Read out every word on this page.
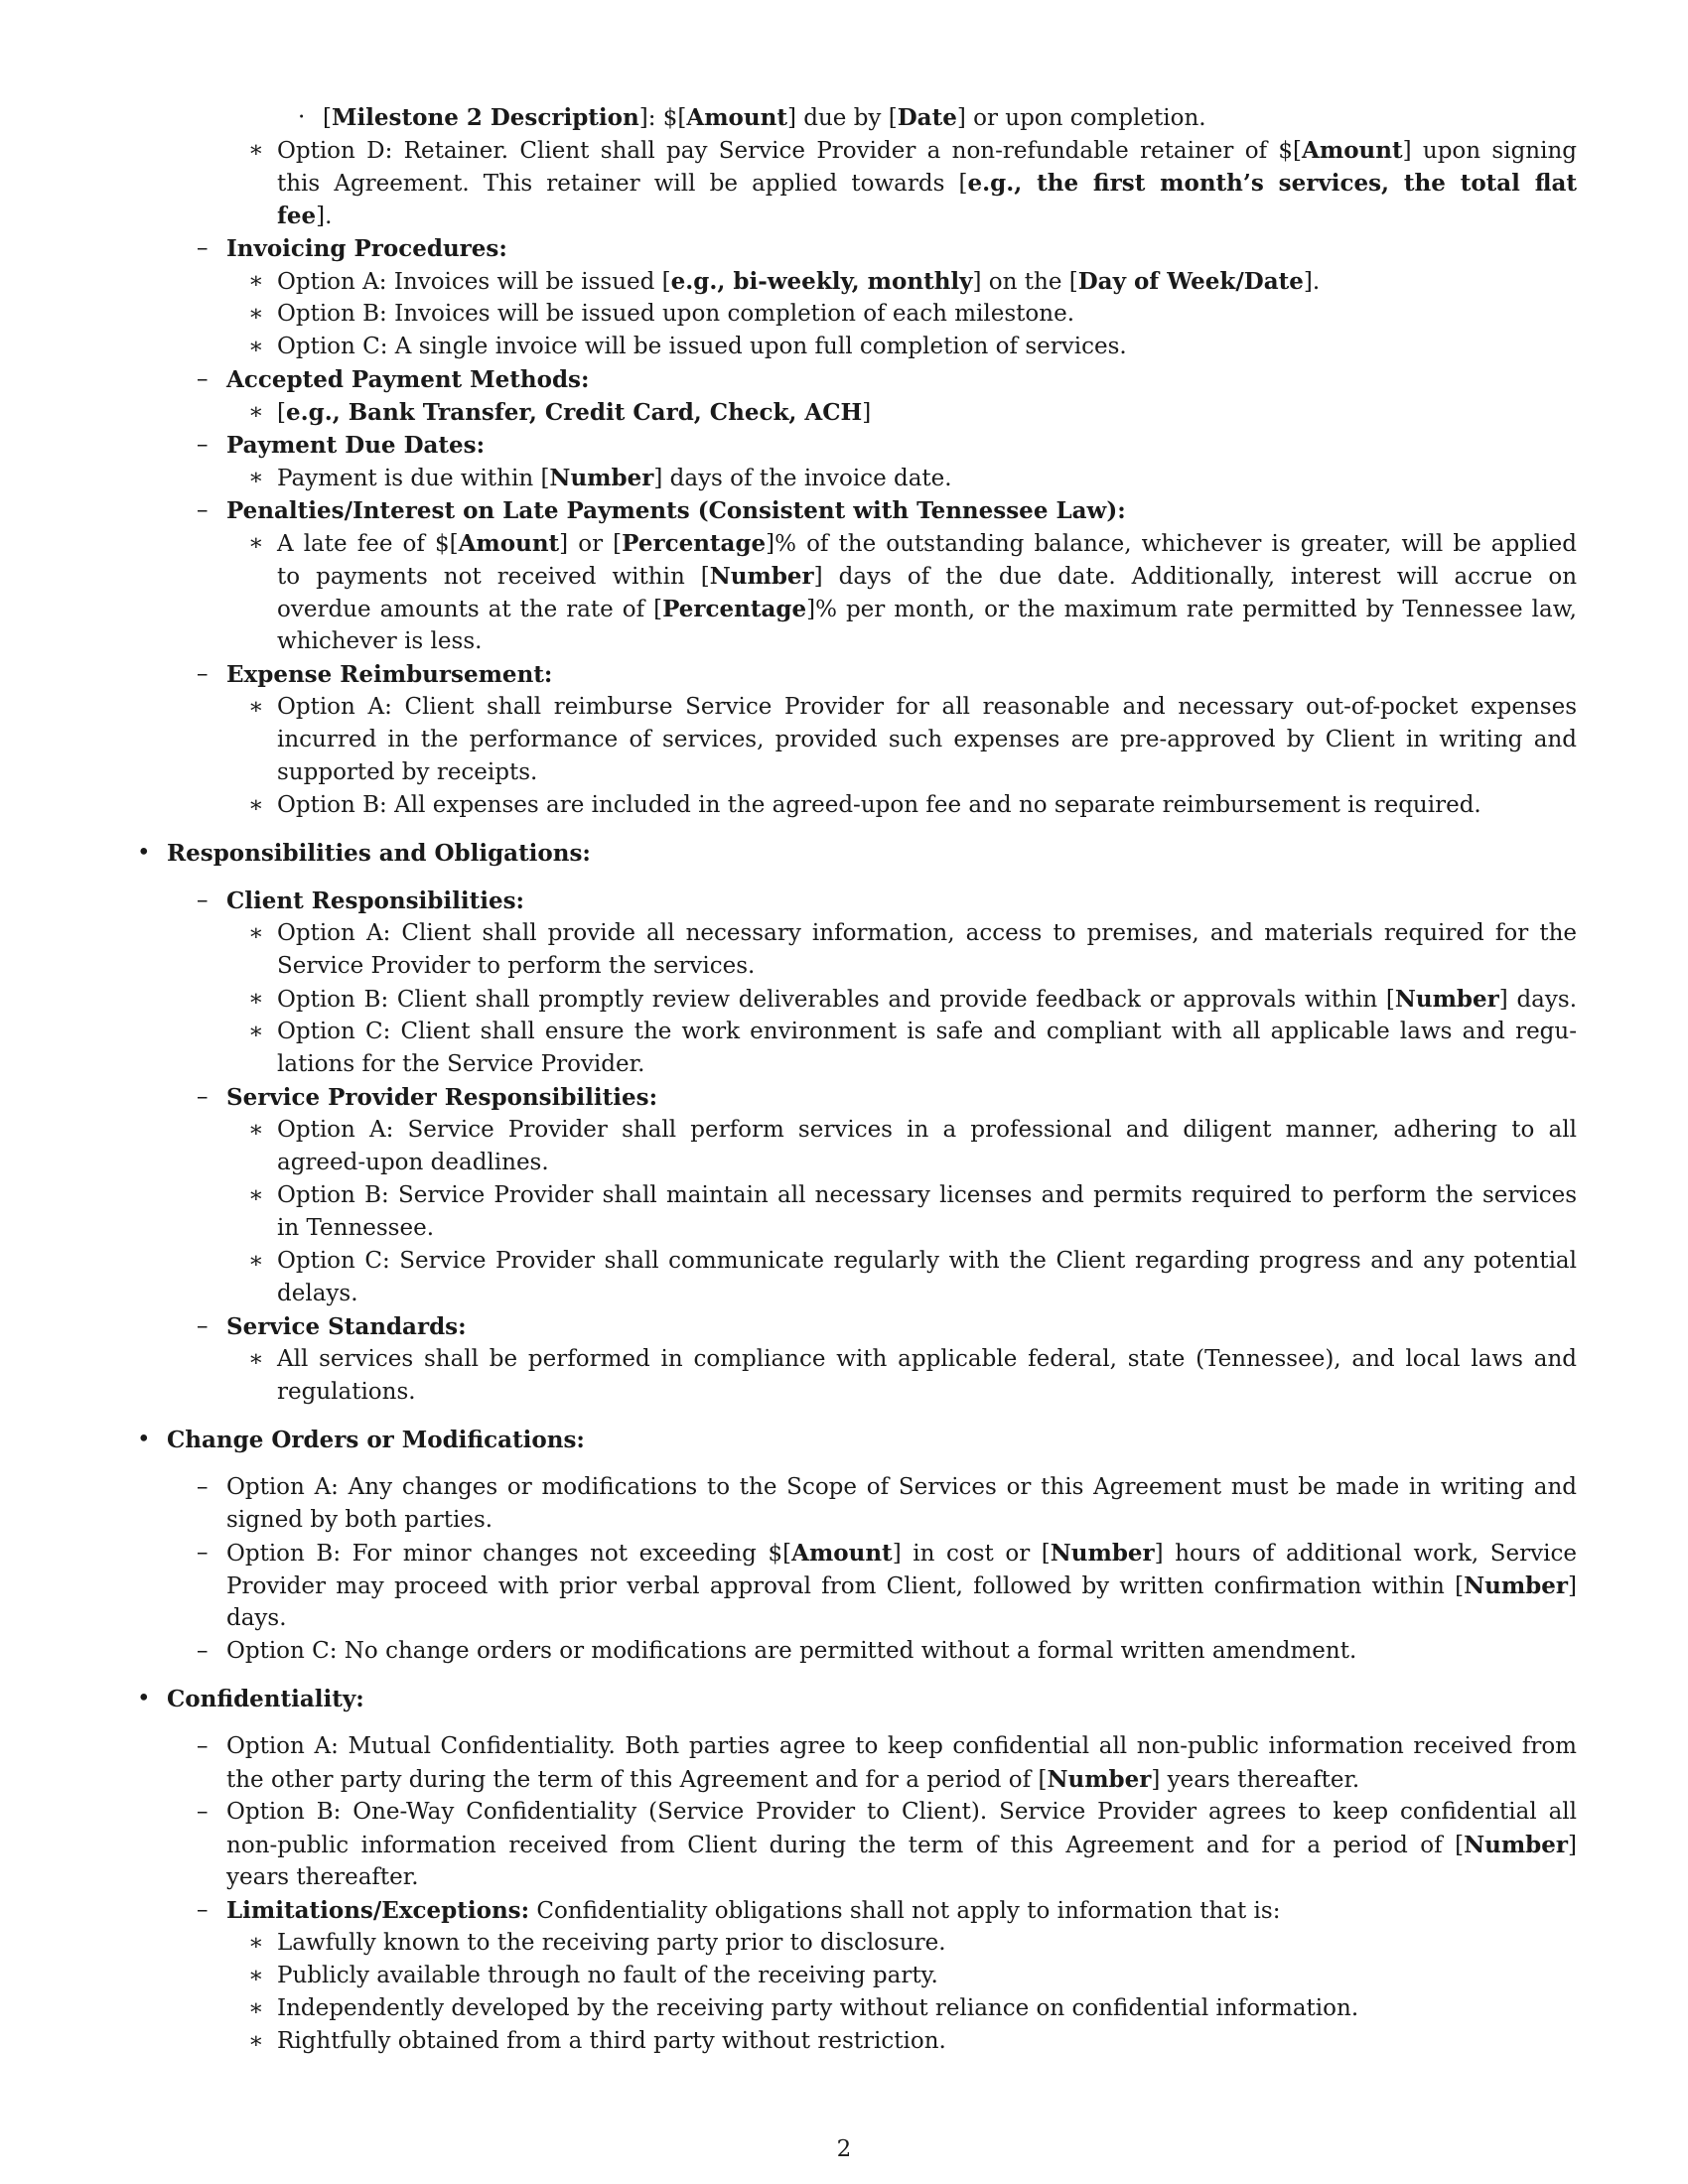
· [Milestone 2 Description]: $[Amount] due by [Date] or upon completion.
∗ Option D: Retainer. Client shall pay Service Provider a non-refundable retainer of $[Amount] upon signing
this Agreement. This retainer will be applied towards [e.g., the first month’s services, the total flat
fee].
– Invoicing Procedures:
∗ Option A: Invoices will be issued [e.g., bi-weekly, monthly] on the [Day of Week/Date].
∗ Option B: Invoices will be issued upon completion of each milestone.
∗ Option C: A single invoice will be issued upon full completion of services.
– Accepted Payment Methods:
∗ [e.g., Bank Transfer, Credit Card, Check, ACH]
– Payment Due Dates:
∗ Payment is due within [Number] days of the invoice date.
– Penalties/Interest on Late Payments (Consistent with Tennessee Law):
∗ A late fee of $[Amount] or [Percentage]% of the outstanding balance, whichever is greater, will be applied
to payments not received within [Number] days of the due date. Additionally, interest will accrue on
overdue amounts at the rate of [Percentage]% per month, or the maximum rate permitted by Tennessee law,
whichever is less.
– Expense Reimbursement:
∗ Option A: Client shall reimburse Service Provider for all reasonable and necessary out-of-pocket expenses
incurred in the performance of services, provided such expenses are pre-approved by Client in writing and
supported by receipts.
∗ Option B: All expenses are included in the agreed-upon fee and no separate reimbursement is required.
• Responsibilities and Obligations:
– Client Responsibilities:
∗ Option A: Client shall provide all necessary information, access to premises, and materials required for the
Service Provider to perform the services.
∗ Option B: Client shall promptly review deliverables and provide feedback or approvals within [Number] days.
∗ Option C: Client shall ensure the work environment is safe and compliant with all applicable laws and regu-
lations for the Service Provider.
– Service Provider Responsibilities:
∗ Option A: Service Provider shall perform services in a professional and diligent manner, adhering to all
agreed-upon deadlines.
∗ Option B: Service Provider shall maintain all necessary licenses and permits required to perform the services
in Tennessee.
∗ Option C: Service Provider shall communicate regularly with the Client regarding progress and any potential
delays.
– Service Standards:
∗ All services shall be performed in compliance with applicable federal, state (Tennessee), and local laws and
regulations.
• Change Orders or Modifications:
– Option A: Any changes or modifications to the Scope of Services or this Agreement must be made in writing and
signed by both parties.
– Option B: For minor changes not exceeding $[Amount] in cost or [Number] hours of additional work, Service
Provider may proceed with prior verbal approval from Client, followed by written confirmation within [Number]
days.
– Option C: No change orders or modifications are permitted without a formal written amendment.
• Confidentiality:
– Option A: Mutual Confidentiality. Both parties agree to keep confidential all non-public information received from
the other party during the term of this Agreement and for a period of [Number] years thereafter.
– Option B: One-Way Confidentiality (Service Provider to Client). Service Provider agrees to keep confidential all
non-public information received from Client during the term of this Agreement and for a period of [Number]
years thereafter.
– Limitations/Exceptions: Confidentiality obligations shall not apply to information that is:
∗ Lawfully known to the receiving party prior to disclosure.
∗ Publicly available through no fault of the receiving party.
∗ Independently developed by the receiving party without reliance on confidential information.
∗ Rightfully obtained from a third party without restriction.
2
